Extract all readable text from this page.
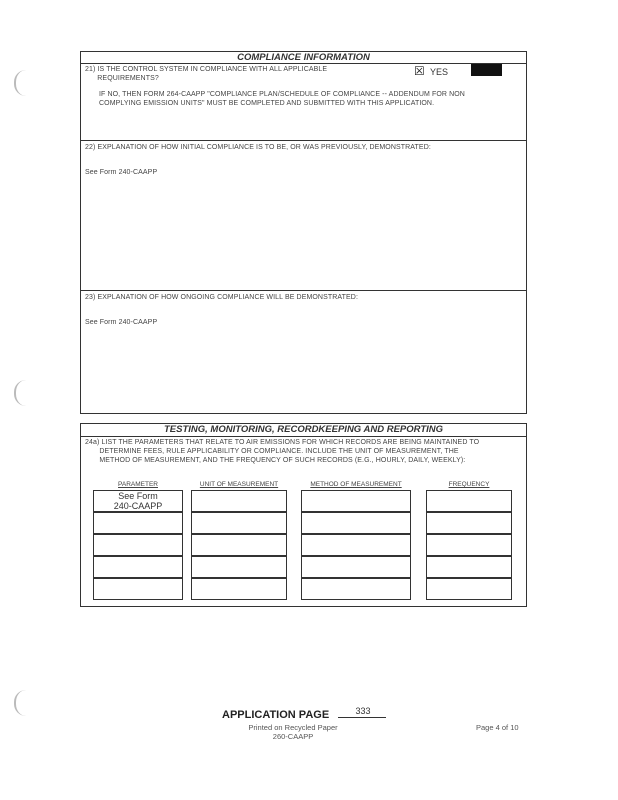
COMPLIANCE INFORMATION
21) IS THE CONTROL SYSTEM IN COMPLIANCE WITH ALL APPLICABLE
REQUIREMENTS?
☒ YES
IF NO, THEN FORM 264-CAAPP "COMPLIANCE PLAN/SCHEDULE OF COMPLIANCE -- ADDENDUM FOR NON
COMPLYING EMISSION UNITS" MUST BE COMPLETED AND SUBMITTED WITH THIS APPLICATION.
22) EXPLANATION OF HOW INITIAL COMPLIANCE IS TO BE, OR WAS PREVIOUSLY, DEMONSTRATED:
See Form 240-CAAPP
23) EXPLANATION OF HOW ONGOING COMPLIANCE WILL BE DEMONSTRATED:
See Form 240-CAAPP
TESTING, MONITORING, RECORDKEEPING AND REPORTING
24a) LIST THE PARAMETERS THAT RELATE TO AIR EMISSIONS FOR WHICH RECORDS ARE BEING MAINTAINED TO
DETERMINE FEES, RULE APPLICABILITY OR COMPLIANCE. INCLUDE THE UNIT OF MEASUREMENT, THE
METHOD OF MEASUREMENT, AND THE FREQUENCY OF SUCH RECORDS (E.G., HOURLY, DAILY, WEEKLY):
PARAMETER	UNIT OF MEASUREMENT	METHOD OF MEASUREMENT	FREQUENCY
See Form
240-CAAPP
APPLICATION PAGE	333
Printed on Recycled Paper
260-CAAPP
Page 4 of 10
